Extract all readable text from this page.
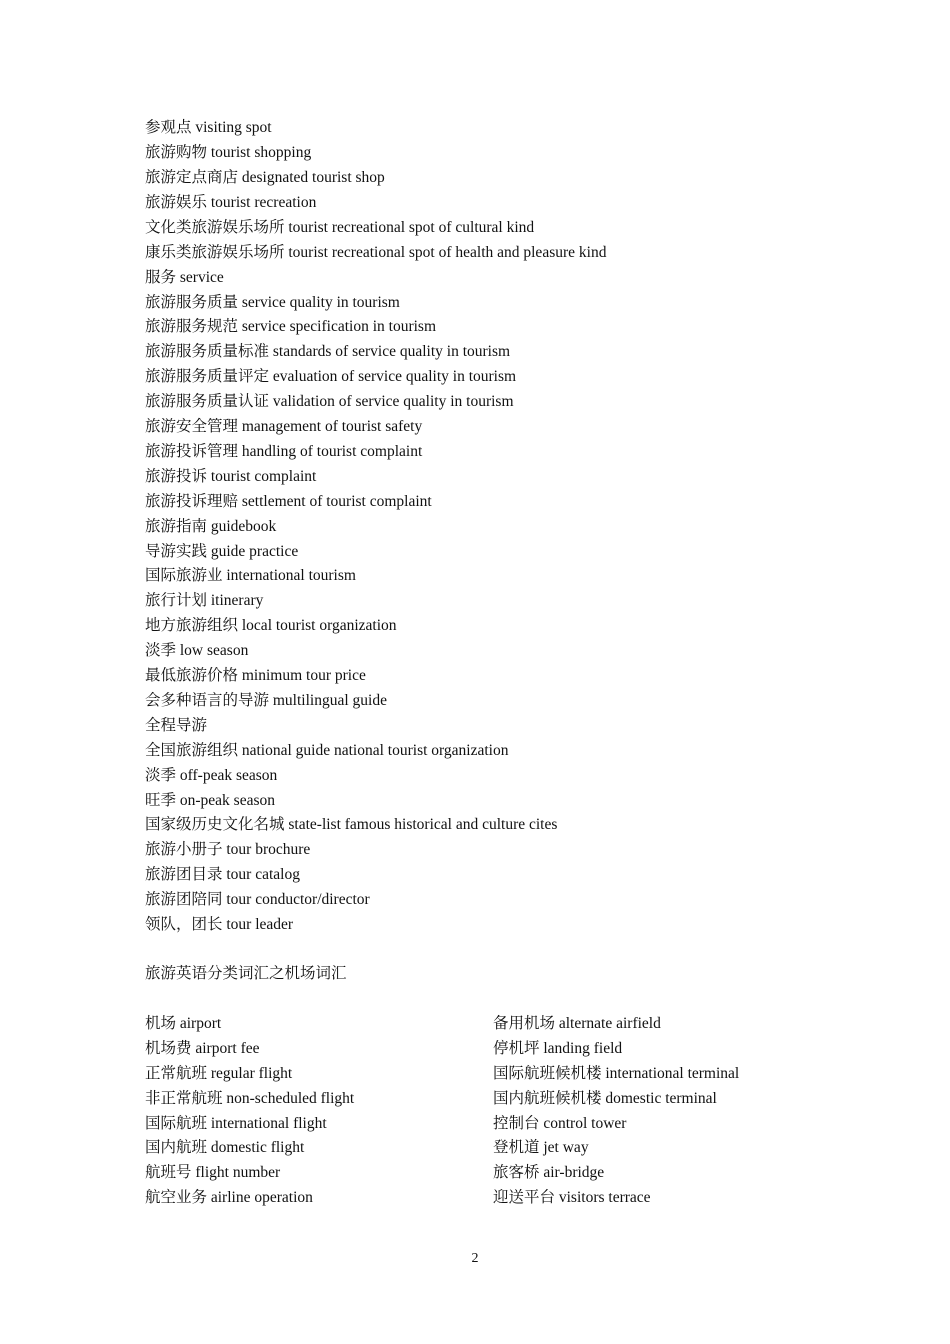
参观点 visiting spot
旅游购物 tourist shopping
旅游定点商店 designated tourist shop
旅游娱乐 tourist recreation
文化类旅游娱乐场所 tourist recreational spot of cultural kind
康乐类旅游娱乐场所 tourist recreational spot of health and pleasure kind
服务 service
旅游服务质量 service quality in tourism
旅游服务规范 service specification in tourism
旅游服务质量标准 standards of service quality in tourism
旅游服务质量评定 evaluation of service quality in tourism
旅游服务质量认证 validation of service quality in tourism
旅游安全管理 management of tourist safety
旅游投诉管理 handling of tourist complaint
旅游投诉 tourist complaint
旅游投诉理赔 settlement of tourist complaint
旅游指南 guidebook
导游实践 guide practice
国际旅游业 international tourism
旅行计划 itinerary
地方旅游组织 local tourist organization
淡季 low season
最低旅游价格 minimum tour price
会多种语言的导游 multilingual guide
全程导游
全国旅游组织 national guide national tourist organization
淡季 off-peak season
旺季 on-peak season
国家级历史文化名城 state-list famous historical and culture cites
旅游小册子 tour brochure
旅游团目录 tour catalog
旅游团陪同 tour conductor/director
领队，团长 tour leader
旅游英语分类词汇之机场词汇
机场 airport
机场费 airport fee
正常航班 regular flight
非正常航班 non-scheduled flight
国际航班 international flight
国内航班 domestic flight
航班号 flight number
航空业务 airline operation
备用机场 alternate airfield
停机坪 landing field
国际航班候机楼 international terminal
国内航班候机楼 domestic terminal
控制台 control tower
登机道 jet way
旅客桥 air-bridge
迎送平台 visitors terrace
2
